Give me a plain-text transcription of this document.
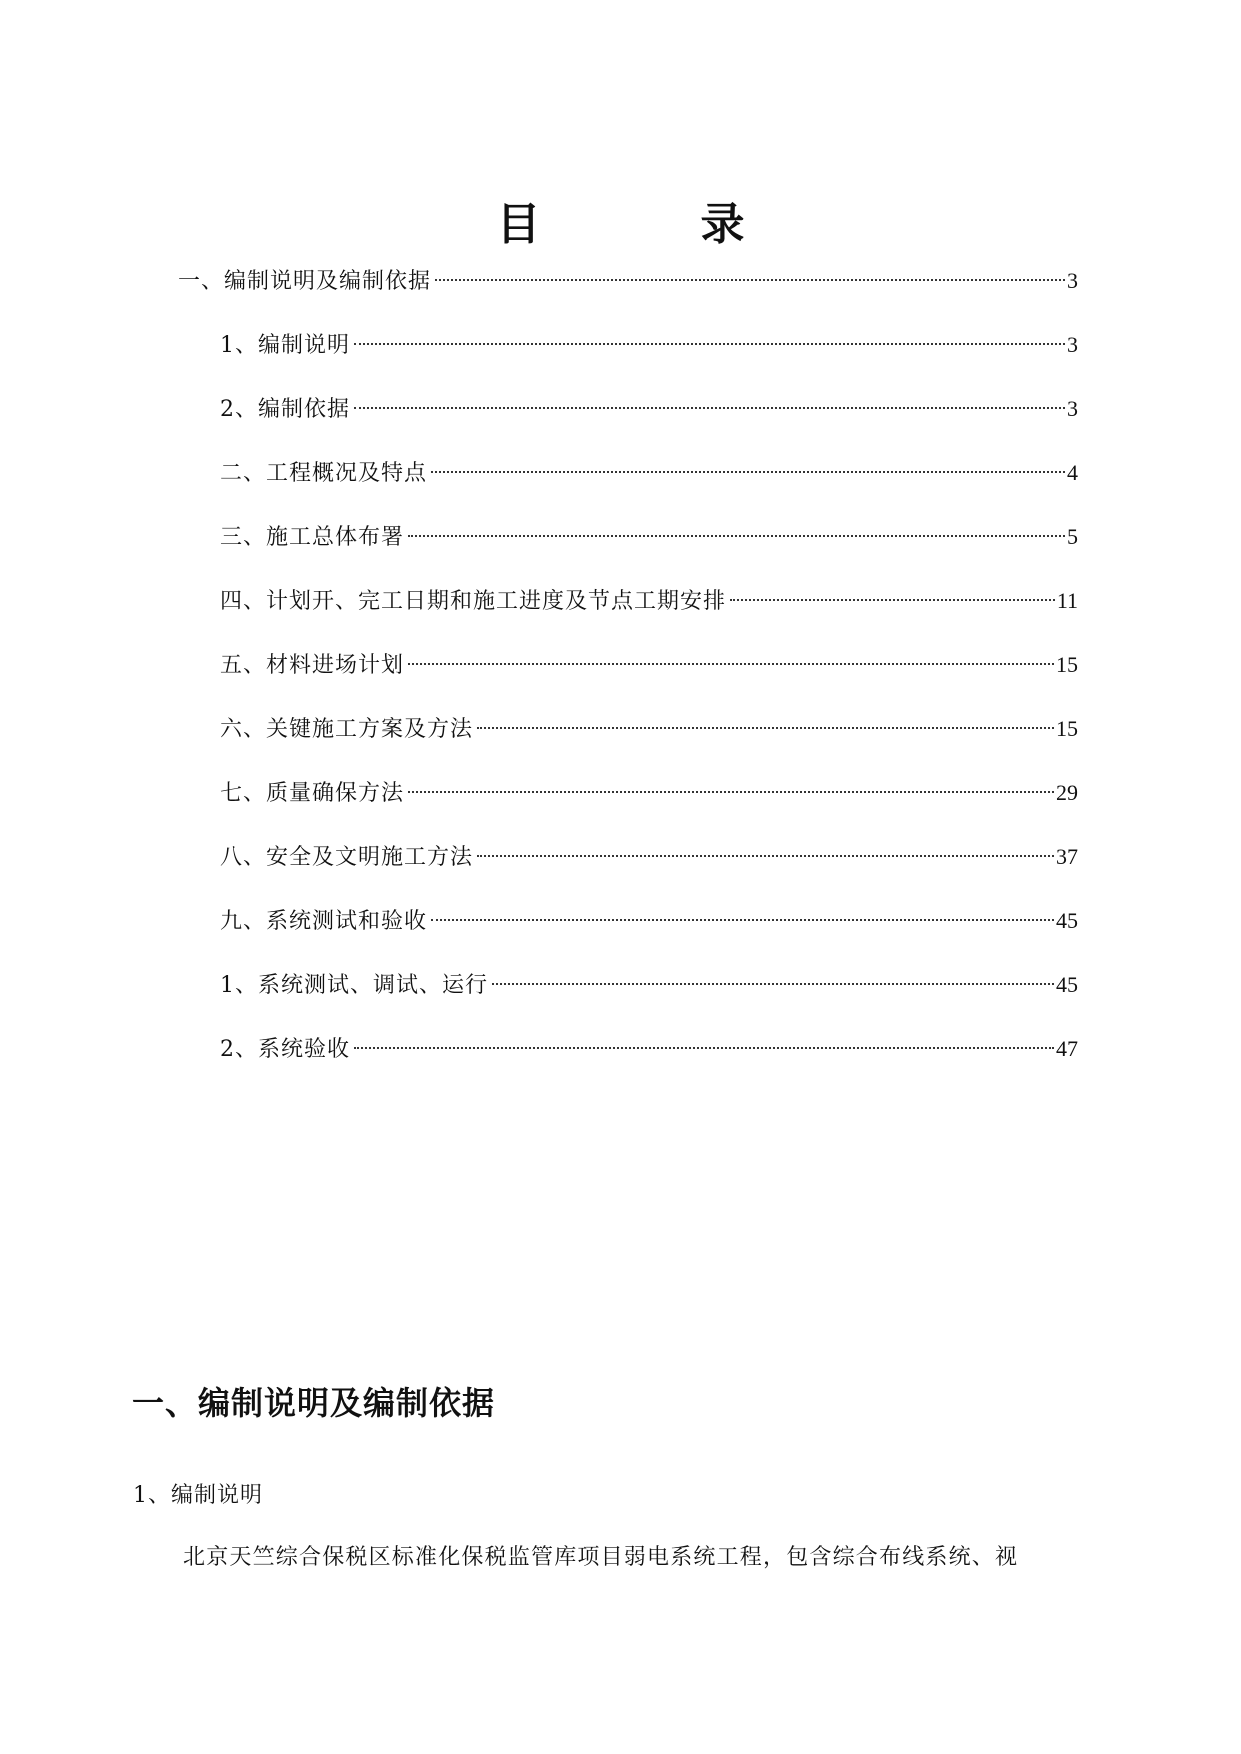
目　录
一、编制说明及编制依据	3
1、编制说明	3
2、编制依据	3
二、工程概况及特点	4
三、施工总体布署	5
四、计划开、完工日期和施工进度及节点工期安排	11
五、材料进场计划	15
六、关键施工方案及方法	15
七、质量确保方法	29
八、安全及文明施工方法	37
九、系统测试和验收	45
1、系统测试、调试、运行	45
2、系统验收	47
一、编制说明及编制依据
1、编制说明
北京天竺综合保税区标准化保税监管库项目弱电系统工程，包含综合布线系统、视
